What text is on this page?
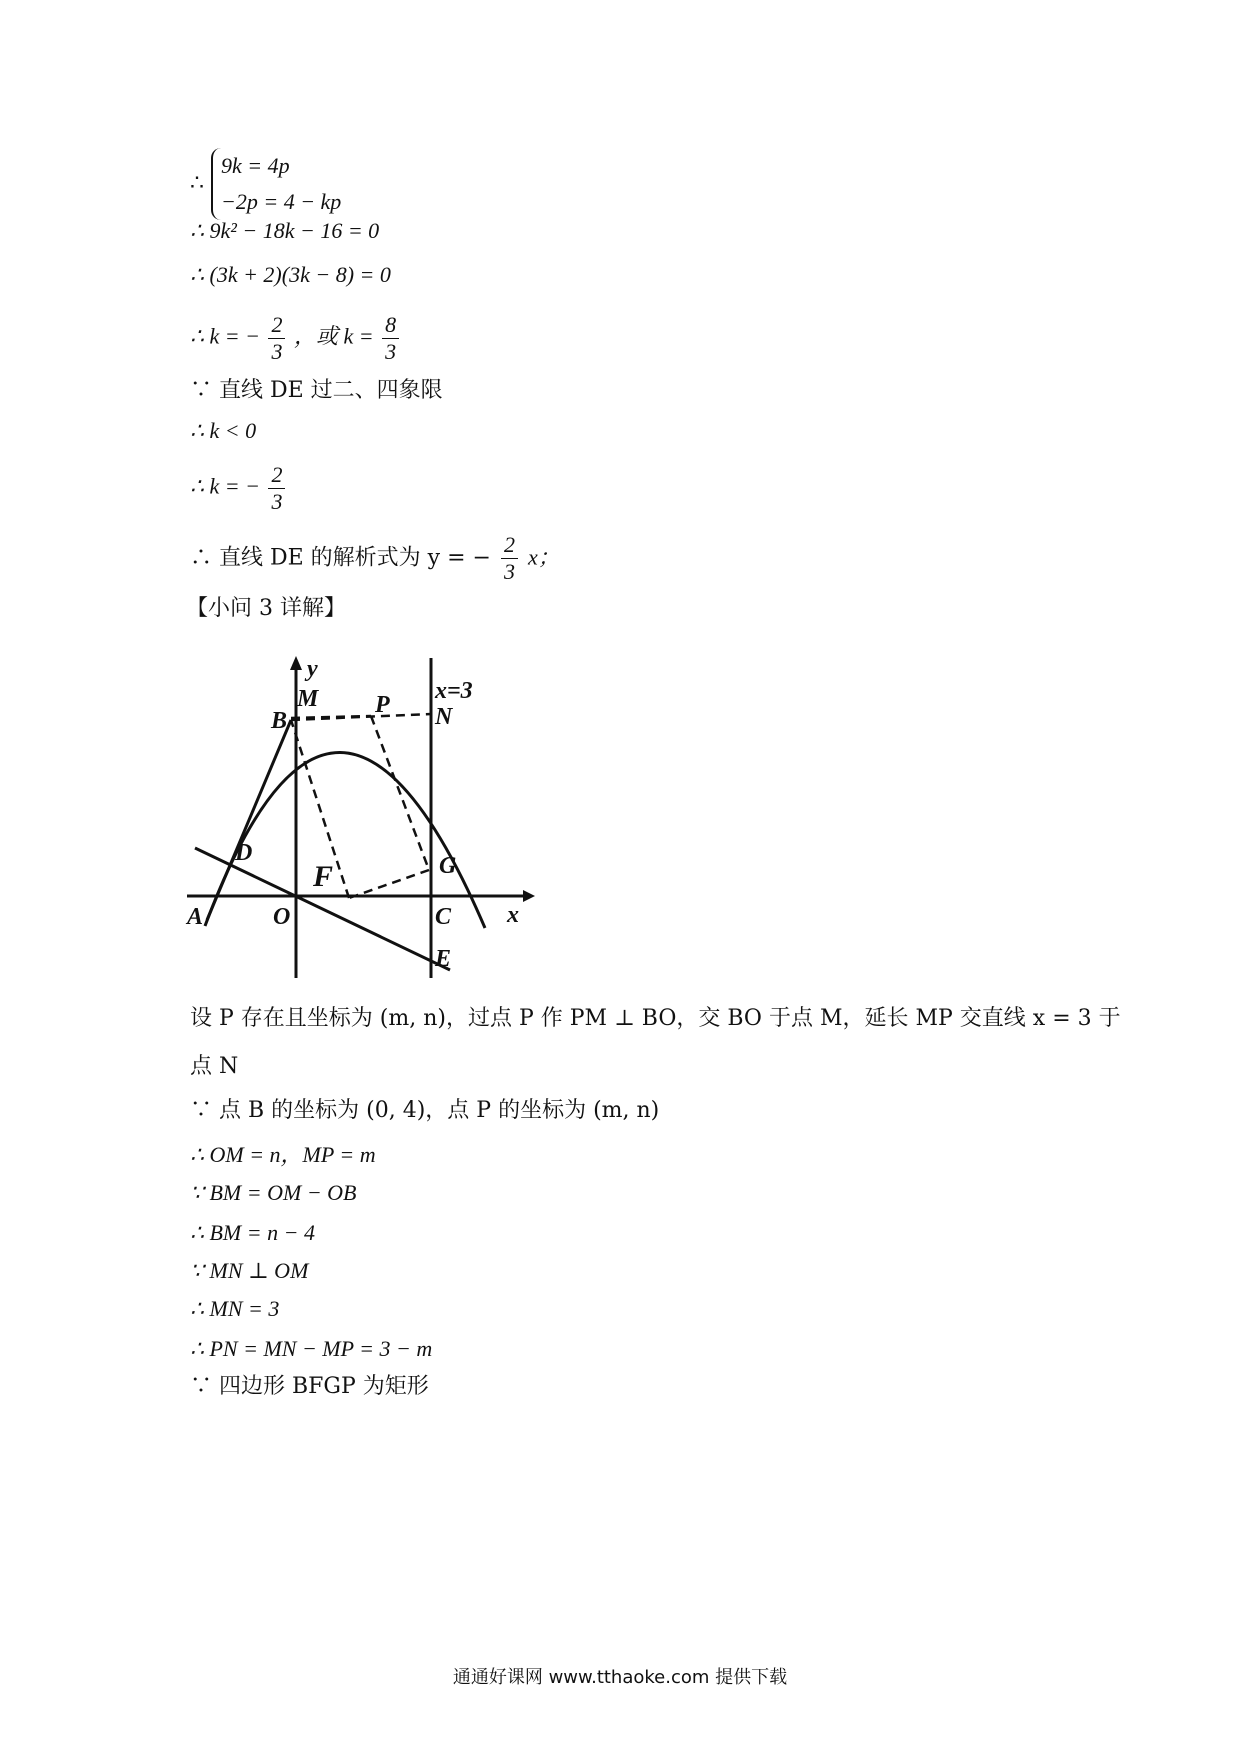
∴
9k = 4p
−2p = 4 − kp
∴ 9k² − 18k − 16 = 0
∴ (3k + 2)(3k − 8) = 0
∴ k = − $\frac{2}{3}$ ，或 $k = \frac{8}{3}$
∵ 直线 DE 过二、四象限
∴ k < 0
∴ k = − $\frac{2}{3}$
∴ 直线 DE 的解析式为 y = − $\frac{2}{3}$ x；
【小问 3 详解】
y
x
x=3
M P N
B
D
F	G
A	O	C
E
设 P 存在且坐标为 (m, n)，过点 P 作 PM ⊥ BO，交 BO 于点 M，延长 MP 交直线 x = 3 于
点 N
∵ 点 B 的坐标为 (0, 4)，点 P 的坐标为 (m, n)
∴ OM = n，MP = m
∵ BM = OM − OB
∴ BM = n − 4
∵ MN ⊥ OM
∴ MN = 3
∴ PN = MN − MP = 3 − m
∵ 四边形 BFGP 为矩形
通通好课网 www.tthaoke.com 提供下载
